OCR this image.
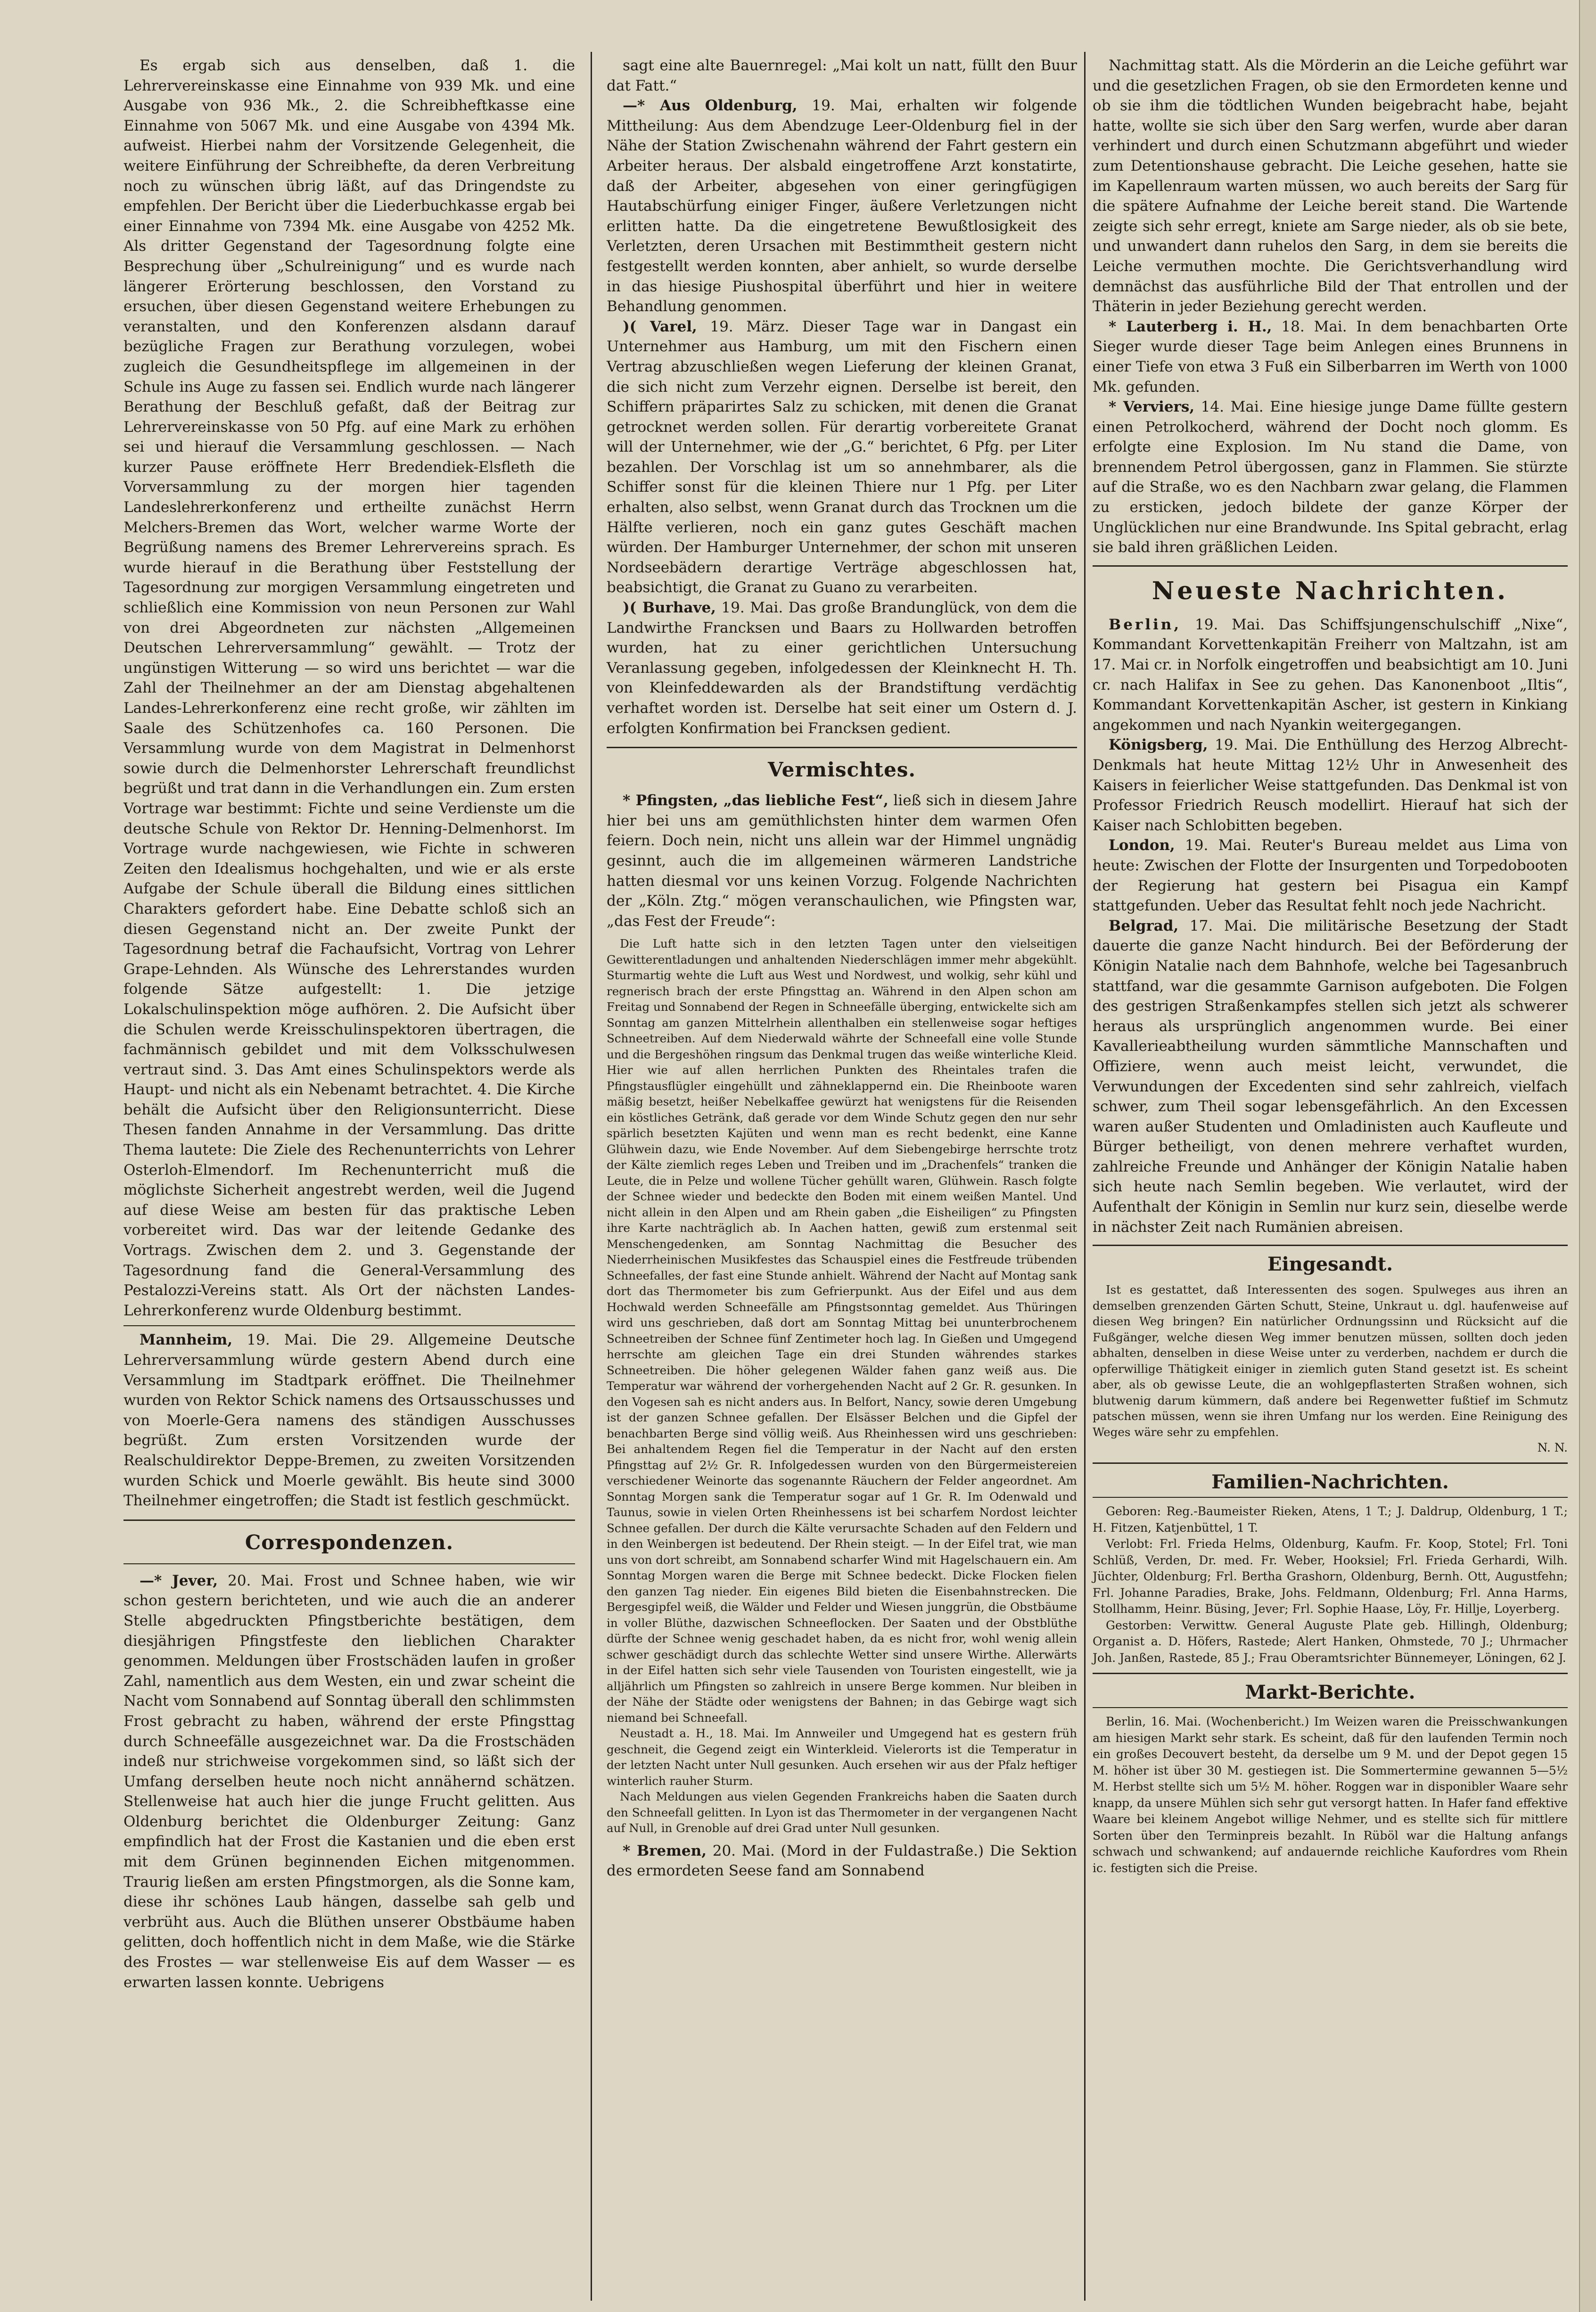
Es ergab sich aus denselben, daß 1. die Lehrervereinskasse eine Einnahme von 939 Mk. und eine Ausgabe von 936 Mk., 2. die Schreibheftkasse eine Einnahme von 5067 Mk. und eine Ausgabe von 4394 Mk. aufweist. Hierbei nahm der Vorsitzende Gelegenheit, die weitere Einführung der Schreibhefte, da deren Verbreitung noch zu wünschen übrig läßt, auf das Dringendste zu empfehlen. Der Bericht über die Liederbuchkasse ergab bei einer Einnahme von 7394 Mk. eine Ausgabe von 4252 Mk. Als dritter Gegenstand der Tagesordnung folgte eine Besprechung über „Schulreinigung“ und es wurde nach längerer Erörterung beschlossen, den Vorstand zu ersuchen, über diesen Gegenstand weitere Erhebungen zu veranstalten, und den Konferenzen alsdann darauf bezügliche Fragen zur Berathung vorzulegen, wobei zugleich die Gesundheitspflege im allgemeinen in der Schule ins Auge zu fassen sei. Endlich wurde nach längerer Berathung der Beschluß gefaßt, daß der Beitrag zur Lehrervereinskasse von 50 Pfg. auf eine Mark zu erhöhen sei und hierauf die Versammlung geschlossen. — Nach kurzer Pause eröffnete Herr Bredendiek-Elsfleth die Vorversammlung zu der morgen hier tagenden Landeslehrerkonferenz und ertheilte zunächst Herrn Melchers-Bremen das Wort, welcher warme Worte der Begrüßung namens des Bremer Lehrervereins sprach. Es wurde hierauf in die Berathung über Feststellung der Tagesordnung zur morgigen Versammlung eingetreten und schließlich eine Kommission von neun Personen zur Wahl von drei Abgeordneten zur nächsten „Allgemeinen Deutschen Lehrerversammlung“ gewählt. — Trotz der ungünstigen Witterung — so wird uns berichtet — war die Zahl der Theilnehmer an der am Dienstag abgehaltenen Landes-Lehrerkonferenz eine recht große, wir zählten im Saale des Schützenhofes ca. 160 Personen. Die Versammlung wurde von dem Magistrat in Delmenhorst sowie durch die Delmenhorster Lehrerschaft freundlichst begrüßt und trat dann in die Verhandlungen ein. Zum ersten Vortrage war bestimmt: Fichte und seine Verdienste um die deutsche Schule von Rektor Dr. Henning-Delmenhorst. Im Vortrage wurde nachgewiesen, wie Fichte in schweren Zeiten den Idealismus hochgehalten, und wie er als erste Aufgabe der Schule überall die Bildung eines sittlichen Charakters gefordert habe. Eine Debatte schloß sich an diesen Gegenstand nicht an. Der zweite Punkt der Tagesordnung betraf die Fachaufsicht, Vortrag von Lehrer Grape-Lehnden. Als Wünsche des Lehrerstandes wurden folgende Sätze aufgestellt: 1. Die jetzige Lokalschulinspektion möge aufhören. 2. Die Aufsicht über die Schulen werde Kreisschulinspektoren übertragen, die fachmännisch gebildet und mit dem Volksschulwesen vertraut sind. 3. Das Amt eines Schulinspektors werde als Haupt- und nicht als ein Nebenamt betrachtet. 4. Die Kirche behält die Aufsicht über den Religionsunterricht. Diese Thesen fanden Annahme in der Versammlung. Das dritte Thema lautete: Die Ziele des Rechenunterrichts von Lehrer Osterloh-Elmendorf. Im Rechenunterricht muß die möglichste Sicherheit angestrebt werden, weil die Jugend auf diese Weise am besten für das praktische Leben vorbereitet wird. Das war der leitende Gedanke des Vortrags. Zwischen dem 2. und 3. Gegenstande der Tagesordnung fand die General-Versammlung des Pestalozzi-Vereins statt. Als Ort der nächsten Landes-Lehrerkonferenz wurde Oldenburg bestimmt.

Mannheim, 19. Mai. Die 29. Allgemeine Deutsche Lehrerversammlung würde gestern Abend durch eine Versammlung im Stadtpark eröffnet. Die Theilnehmer wurden von Rektor Schick namens des Ortsausschusses und von Moerle-Gera namens des ständigen Ausschusses begrüßt. Zum ersten Vorsitzenden wurde der Realschuldirektor Deppe-Bremen, zu zweiten Vorsitzenden wurden Schick und Moerle gewählt. Bis heute sind 3000 Theilnehmer eingetroffen; die Stadt ist festlich geschmückt.

Correspondenzen.

—* Jever, 20. Mai. Frost und Schnee haben, wie wir schon gestern berichteten, und wie auch die an anderer Stelle abgedruckten Pfingstberichte bestätigen, dem diesjährigen Pfingstfeste den lieblichen Charakter genommen. Meldungen über Frostschäden laufen in großer Zahl, namentlich aus dem Westen, ein und zwar scheint die Nacht vom Sonnabend auf Sonntag überall den schlimmsten Frost gebracht zu haben, während der erste Pfingsttag durch Schneefälle ausgezeichnet war. Da die Frostschäden indeß nur strichweise vorgekommen sind, so läßt sich der Umfang derselben heute noch nicht annähernd schätzen. Stellenweise hat auch hier die junge Frucht gelitten. Aus Oldenburg berichtet die Oldenburger Zeitung: Ganz empfindlich hat der Frost die Kastanien und die eben erst mit dem Grünen beginnenden Eichen mitgenommen. Traurig ließen am ersten Pfingstmorgen, als die Sonne kam, diese ihr schönes Laub hängen, dasselbe sah gelb und verbrüht aus. Auch die Blüthen unserer Obstbäume haben gelitten, doch hoffentlich nicht in dem Maße, wie die Stärke des Frostes — war stellenweise Eis auf dem Wasser — es erwarten lassen konnte. Uebrigens

sagt eine alte Bauernregel: „Mai kolt un natt, füllt den Buur dat Fatt.“

—* Aus Oldenburg, 19. Mai, erhalten wir folgende Mittheilung: Aus dem Abendzuge Leer-Oldenburg fiel in der Nähe der Station Zwischenahn während der Fahrt gestern ein Arbeiter heraus. Der alsbald eingetroffene Arzt konstatirte, daß der Arbeiter, abgesehen von einer geringfügigen Hautabschürfung einiger Finger, äußere Verletzungen nicht erlitten hatte. Da die eingetretene Bewußtlosigkeit des Verletzten, deren Ursachen mit Bestimmtheit gestern nicht festgestellt werden konnten, aber anhielt, so wurde derselbe in das hiesige Piushospital überführt und hier in weitere Behandlung genommen.

)( Varel, 19. März. Dieser Tage war in Dangast ein Unternehmer aus Hamburg, um mit den Fischern einen Vertrag abzuschließen wegen Lieferung der kleinen Granat, die sich nicht zum Verzehr eignen. Derselbe ist bereit, den Schiffern präparirtes Salz zu schicken, mit denen die Granat getrocknet werden sollen. Für derartig vorbereitete Granat will der Unternehmer, wie der „G.“ berichtet, 6 Pfg. per Liter bezahlen. Der Vorschlag ist um so annehmbarer, als die Schiffer sonst für die kleinen Thiere nur 1 Pfg. per Liter erhalten, also selbst, wenn Granat durch das Trocknen um die Hälfte verlieren, noch ein ganz gutes Geschäft machen würden. Der Hamburger Unternehmer, der schon mit unseren Nordseebädern derartige Verträge abgeschlossen hat, beabsichtigt, die Granat zu Guano zu verarbeiten.

)( Burhave, 19. Mai. Das große Brandunglück, von dem die Landwirthe Francksen und Baars zu Hollwarden betroffen wurden, hat zu einer gerichtlichen Untersuchung Veranlassung gegeben, infolgedessen der Kleinknecht H. Th. von Kleinfeddewarden als der Brandstiftung verdächtig verhaftet worden ist. Derselbe hat seit einer um Ostern d. J. erfolgten Konfirmation bei Francksen gedient.

Vermischtes.

* Pfingsten, „das liebliche Fest“, ließ sich in diesem Jahre hier bei uns am gemüthlichsten hinter dem warmen Ofen feiern. Doch nein, nicht uns allein war der Himmel ungnädig gesinnt, auch die im allgemeinen wärmeren Landstriche hatten diesmal vor uns keinen Vorzug. Folgende Nachrichten der „Köln. Ztg.“ mögen veranschaulichen, wie Pfingsten war, „das Fest der Freude“:

Die Luft hatte sich in den letzten Tagen unter den vielseitigen Gewitterentladungen und anhaltenden Niederschlägen immer mehr abgekühlt. Sturmartig wehte die Luft aus West und Nordwest, und wolkig, sehr kühl und regnerisch brach der erste Pfingsttag an. Während in den Alpen schon am Freitag und Sonnabend der Regen in Schneefälle überging, entwickelte sich am Sonntag am ganzen Mittelrhein allenthalben ein stellenweise sogar heftiges Schneetreiben. Auf dem Niederwald währte der Schneefall eine volle Stunde und die Bergeshöhen ringsum das Denkmal trugen das weiße winterliche Kleid. Hier wie auf allen herrlichen Punkten des Rheintales trafen die Pfingstausflügler eingehüllt und zähneklappernd ein. Die Rheinboote waren mäßig besetzt, heißer Nebelkaffee gewürzt hat wenigstens für die Reisenden ein köstliches Getränk, daß gerade vor dem Winde Schutz gegen den nur sehr spärlich besetzten Kajüten und wenn man es recht bedenkt, eine Kanne Glühwein dazu, wie Ende November. Auf dem Siebengebirge herrschte trotz der Kälte ziemlich reges Leben und Treiben und im „Drachenfels“ tranken die Leute, die in Pelze und wollene Tücher gehüllt waren, Glühwein. Rasch folgte der Schnee wieder und bedeckte den Boden mit einem weißen Mantel. Und nicht allein in den Alpen und am Rhein gaben „die Eisheiligen“ zu Pfingsten ihre Karte nachträglich ab. In Aachen hatten, gewiß zum erstenmal seit Menschengedenken, am Sonntag Nachmittag die Besucher des Niederrheinischen Musikfestes das Schauspiel eines die Festfreude trübenden Schneefalles, der fast eine Stunde anhielt. Während der Nacht auf Montag sank dort das Thermometer bis zum Gefrierpunkt. Aus der Eifel und aus dem Hochwald werden Schneefälle am Pfingstsonntag gemeldet. Aus Thüringen wird uns geschrieben, daß dort am Sonntag Mittag bei ununterbrochenem Schneetreiben der Schnee fünf Zentimeter hoch lag. In Gießen und Umgegend herrschte am gleichen Tage ein drei Stunden währendes starkes Schneetreiben. Die höher gelegenen Wälder fahen ganz weiß aus. Die Temperatur war während der vorhergehenden Nacht auf 2 Gr. R. gesunken. In den Vogesen sah es nicht anders aus. In Belfort, Nancy, sowie deren Umgebung ist der ganzen Schnee gefallen. Der Elsässer Belchen und die Gipfel der benachbarten Berge sind völlig weiß. Aus Rheinhessen wird uns geschrieben: Bei anhaltendem Regen fiel die Temperatur in der Nacht auf den ersten Pfingsttag auf 2½ Gr. R. Infolgedessen wurden von den Bürgermeistereien verschiedener Weinorte das sogenannte Räuchern der Felder angeordnet. Am Sonntag Morgen sank die Temperatur sogar auf 1 Gr. R. Im Odenwald und Taunus, sowie in vielen Orten Rheinhessens ist bei scharfem Nordost leichter Schnee gefallen. Der durch die Kälte verursachte Schaden auf den Feldern und in den Weinbergen ist bedeutend. Der Rhein steigt. — In der Eifel trat, wie man uns von dort schreibt, am Sonnabend scharfer Wind mit Hagelschauern ein. Am Sonntag Morgen waren die Berge mit Schnee bedeckt. Dicke Flocken fielen den ganzen Tag nieder. Ein eigenes Bild bieten die Eisenbahnstrecken. Die Bergesgipfel weiß, die Wälder und Felder und Wiesen junggrün, die Obstbäume in voller Blüthe, dazwischen Schneeflocken. Der Saaten und der Obstblüthe dürfte der Schnee wenig geschadet haben, da es nicht fror, wohl wenig allein schwer geschädigt durch das schlechte Wetter sind unsere Wirthe. Allerwärts in der Eifel hatten sich sehr viele Tausenden von Touristen eingestellt, wie ja alljährlich um Pfingsten so zahlreich in unsere Berge kommen. Nur bleiben in der Nähe der Städte oder wenigstens der Bahnen; in das Gebirge wagt sich niemand bei Schneefall.

Neustadt a. H., 18. Mai. Im Annweiler und Umgegend hat es gestern früh geschneit, die Gegend zeigt ein Winterkleid. Vielerorts ist die Temperatur in der letzten Nacht unter Null gesunken. Auch ersehen wir aus der Pfalz heftiger winterlich rauher Sturm.

Nach Meldungen aus vielen Gegenden Frankreichs haben die Saaten durch den Schneefall gelitten. In Lyon ist das Thermometer in der vergangenen Nacht auf Null, in Grenoble auf drei Grad unter Null gesunken.

* Bremen, 20. Mai. (Mord in der Fuldastraße.) Die Sektion des ermordeten Seese fand am Sonnabend

Nachmittag statt. Als die Mörderin an die Leiche geführt war und die gesetzlichen Fragen, ob sie den Ermordeten kenne und ob sie ihm die tödtlichen Wunden beigebracht habe, bejaht hatte, wollte sie sich über den Sarg werfen, wurde aber daran verhindert und durch einen Schutzmann abgeführt und wieder zum Detentionshause gebracht. Die Leiche gesehen, hatte sie im Kapellenraum warten müssen, wo auch bereits der Sarg für die spätere Aufnahme der Leiche bereit stand. Die Wartende zeigte sich sehr erregt, kniete am Sarge nieder, als ob sie bete, und unwandert dann ruhelos den Sarg, in dem sie bereits die Leiche vermuthen mochte. Die Gerichtsverhandlung wird demnächst das ausführliche Bild der That entrollen und der Thäterin in jeder Beziehung gerecht werden.

* Lauterberg i. H., 18. Mai. In dem benachbarten Orte Sieger wurde dieser Tage beim Anlegen eines Brunnens in einer Tiefe von etwa 3 Fuß ein Silberbarren im Werth von 1000 Mk. gefunden.

* Verviers, 14. Mai. Eine hiesige junge Dame füllte gestern einen Petrolkocherd, während der Docht noch glomm. Es erfolgte eine Explosion. Im Nu stand die Dame, von brennendem Petrol übergossen, ganz in Flammen. Sie stürzte auf die Straße, wo es den Nachbarn zwar gelang, die Flammen zu ersticken, jedoch bildete der ganze Körper der Unglücklichen nur eine Brandwunde. Ins Spital gebracht, erlag sie bald ihren gräßlichen Leiden.

Neueste Nachrichten.

Berlin, 19. Mai. Das Schiffsjungenschulschiff „Nixe“, Kommandant Korvettenkapitän Freiherr von Maltzahn, ist am 17. Mai cr. in Norfolk eingetroffen und beabsichtigt am 10. Juni cr. nach Halifax in See zu gehen. Das Kanonenboot „Iltis“, Kommandant Korvettenkapitän Ascher, ist gestern in Kinkiang angekommen und nach Nyankin weitergegangen.

Königsberg, 19. Mai. Die Enthüllung des Herzog Albrecht-Denkmals hat heute Mittag 12½ Uhr in Anwesenheit des Kaisers in feierlicher Weise stattgefunden. Das Denkmal ist von Professor Friedrich Reusch modellirt. Hierauf hat sich der Kaiser nach Schlobitten begeben.

London, 19. Mai. Reuter's Bureau meldet aus Lima von heute: Zwischen der Flotte der Insurgenten und Torpedobooten der Regierung hat gestern bei Pisagua ein Kampf stattgefunden. Ueber das Resultat fehlt noch jede Nachricht.

Belgrad, 17. Mai. Die militärische Besetzung der Stadt dauerte die ganze Nacht hindurch. Bei der Beförderung der Königin Natalie nach dem Bahnhofe, welche bei Tagesanbruch stattfand, war die gesammte Garnison aufgeboten. Die Folgen des gestrigen Straßenkampfes stellen sich jetzt als schwerer heraus als ursprünglich angenommen wurde. Bei einer Kavallerieabtheilung wurden sämmtliche Mannschaften und Offiziere, wenn auch meist leicht, verwundet, die Verwundungen der Excedenten sind sehr zahlreich, vielfach schwer, zum Theil sogar lebensgefährlich. An den Excessen waren außer Studenten und Omladinisten auch Kaufleute und Bürger betheiligt, von denen mehrere verhaftet wurden, zahlreiche Freunde und Anhänger der Königin Natalie haben sich heute nach Semlin begeben. Wie verlautet, wird der Aufenthalt der Königin in Semlin nur kurz sein, dieselbe werde in nächster Zeit nach Rumänien abreisen.

Eingesandt.

Ist es gestattet, daß Interessenten des sogen. Spulweges aus ihren an demselben grenzenden Gärten Schutt, Steine, Unkraut u. dgl. haufenweise auf diesen Weg bringen? Ein natürlicher Ordnungssinn und Rücksicht auf die Fußgänger, welche diesen Weg immer benutzen müssen, sollten doch jeden abhalten, denselben in diese Weise unter zu verderben, nachdem er durch die opferwillige Thätigkeit einiger in ziemlich guten Stand gesetzt ist. Es scheint aber, als ob gewisse Leute, die an wohlgepflasterten Straßen wohnen, sich blutwenig darum kümmern, daß andere bei Regenwetter fußtief im Schmutz patschen müssen, wenn sie ihren Umfang nur los werden. Eine Reinigung des Weges wäre sehr zu empfehlen.

N. N.
Familien-Nachrichten.

Geboren: Reg.-Baumeister Rieken, Atens, 1 T.; J. Daldrup, Oldenburg, 1 T.; H. Fitzen, Katjenbüttel, 1 T.

Verlobt: Frl. Frieda Helms, Oldenburg, Kaufm. Fr. Koop, Stotel; Frl. Toni Schlüß, Verden, Dr. med. Fr. Weber, Hooksiel; Frl. Frieda Gerhardi, Wilh. Jüchter, Oldenburg; Frl. Bertha Grashorn, Oldenburg, Bernh. Ott, Augustfehn; Frl. Johanne Paradies, Brake, Johs. Feldmann, Oldenburg; Frl. Anna Harms, Stollhamm, Heinr. Büsing, Jever; Frl. Sophie Haase, Löy, Fr. Hillje, Loyerberg.

Gestorben: Verwittw. General Auguste Plate geb. Hillingh, Oldenburg; Organist a. D. Höfers, Rastede; Alert Hanken, Ohmstede, 70 J.; Uhrmacher Joh. Janßen, Rastede, 85 J.; Frau Oberamtsrichter Bünnemeyer, Löningen, 62 J.

Markt-Berichte.

Berlin, 16. Mai. (Wochenbericht.) Im Weizen waren die Preisschwankungen am hiesigen Markt sehr stark. Es scheint, daß für den laufenden Termin noch ein großes Decouvert besteht, da derselbe um 9 M. und der Depot gegen 15 M. höher ist über 30 M. gestiegen ist. Die Sommertermine gewannen 5—5½ M. Herbst stellte sich um 5½ M. höher. Roggen war in disponibler Waare sehr knapp, da unsere Mühlen sich sehr gut versorgt hatten. In Hafer fand effektive Waare bei kleinem Angebot willige Nehmer, und es stellte sich für mittlere Sorten über den Terminpreis bezahlt. In Rüböl war die Haltung anfangs schwach und schwankend; auf andauernde reichliche Kaufordres vom Rhein ic. festigten sich die Preise.
